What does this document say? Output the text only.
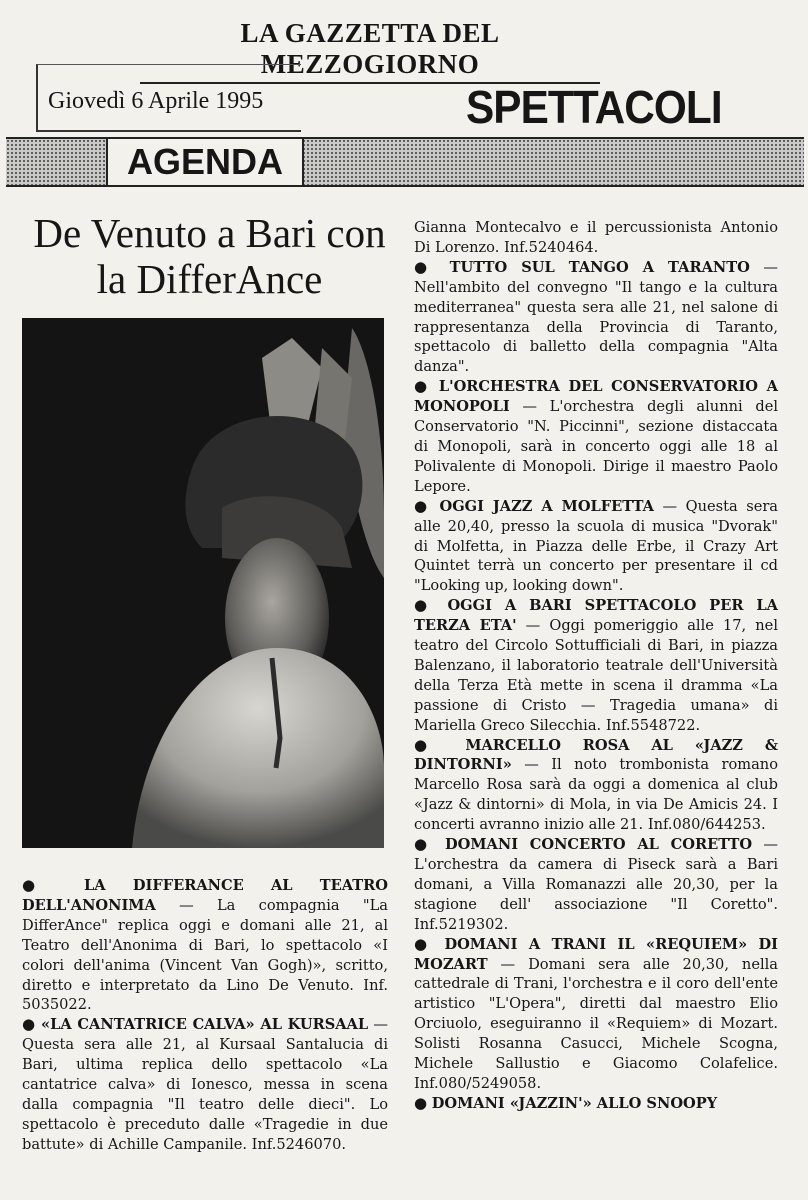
LA GAZZETTA DEL MEZZOGIORNO
Giovedì 6 Aprile 1995	SPETTACOLI
AGENDA
De Venuto a Bari con la DifferAnce

● LA DIFFERANCE AL TEATRO DELL'ANONIMA — La compagnia "La DifferAnce" replica oggi e domani alle 21, al Teatro dell'Anonima di Bari, lo spettacolo «I colori dell'anima (Vincent Van Gogh)», scritto, diretto e interpretato da Lino De Venuto. Inf. 5035022.

● «LA CANTATRICE CALVA» AL KURSAAL — Questa sera alle 21, al Kursaal Santalucia di Bari, ultima replica dello spettacolo «La cantatrice calva» di Ionesco, messa in scena dalla compagnia "Il teatro delle dieci". Lo spettacolo è preceduto dalle «Tragedie in due battute» di Achille Campanile. Inf.5246070.

Gianna Montecalvo e il percussionista Antonio Di Lorenzo. Inf.5240464.

● TUTTO SUL TANGO A TARANTO — Nell'ambito del convegno "Il tango e la cultura mediterranea" questa sera alle 21, nel salone di rappresentanza della Provincia di Taranto, spettacolo di balletto della compagnia "Alta danza".

● L'ORCHESTRA DEL CONSERVATORIO A MONOPOLI — L'orchestra degli alunni del Conservatorio "N. Piccinni", sezione distaccata di Monopoli, sarà in concerto oggi alle 18 al Polivalente di Monopoli. Dirige il maestro Paolo Lepore.

● OGGI JAZZ A MOLFETTA — Questa sera alle 20,40, presso la scuola di musica "Dvorak" di Molfetta, in Piazza delle Erbe, il Crazy Art Quintet terrà un concerto per presentare il cd "Looking up, looking down".

● OGGI A BARI SPETTACOLO PER LA TERZA ETA' — Oggi pomeriggio alle 17, nel teatro del Circolo Sottufficiali di Bari, in piazza Balenzano, il laboratorio teatrale dell'Università della Terza Età mette in scena il dramma «La passione di Cristo — Tragedia umana» di Mariella Greco Silecchia. Inf.5548722.

● MARCELLO ROSA AL «JAZZ & DINTORNI» — Il noto trombonista romano Marcello Rosa sarà da oggi a domenica al club «Jazz & dintorni» di Mola, in via De Amicis 24. I concerti avranno inizio alle 21. Inf.080/644253.

● DOMANI CONCERTO AL CORETTO — L'orchestra da camera di Piseck sarà a Bari domani, a Villa Romanazzi alle 20,30, per la stagione dell' associazione "Il Coretto". Inf.5219302.

● DOMANI A TRANI IL «REQUIEM» DI MOZART — Domani sera alle 20,30, nella cattedrale di Trani, l'orchestra e il coro dell'ente artistico "L'Opera", diretti dal maestro Elio Orciuolo, eseguiranno il «Requiem» di Mozart. Solisti Rosanna Casucci, Michele Scogna, Michele Sallustio e Giacomo Colafelice. Inf.080/5249058.

● DOMANI «JAZZIN'» ALLO SNOOPY
